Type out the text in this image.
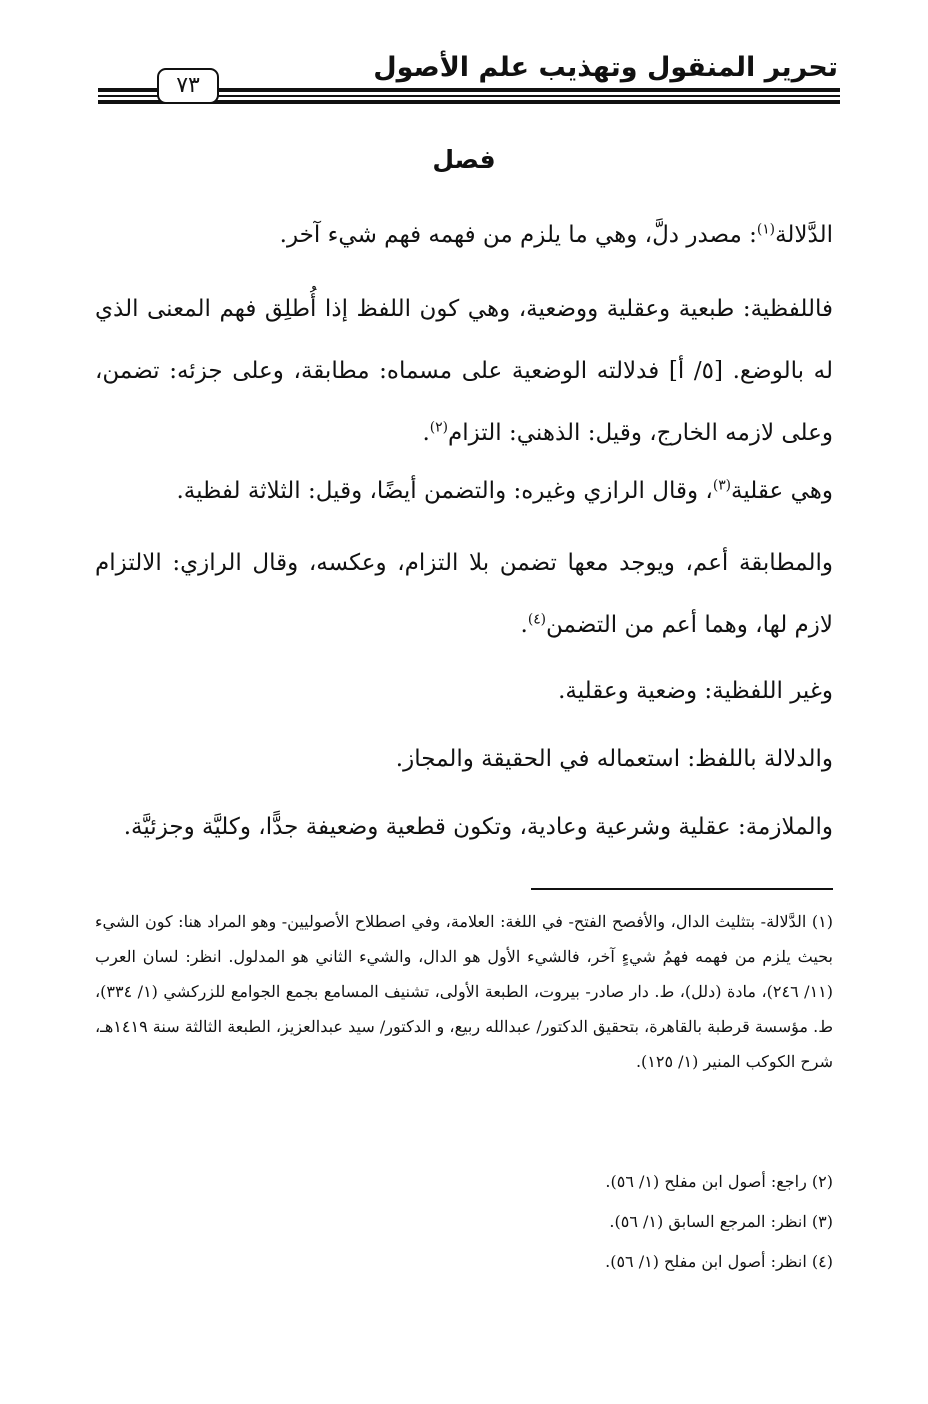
تحرير المنقول وتهذيب علم الأصول
٧٣
فصل

الدَّلالة$^{(١)}$: مصدر دلَّ، وهي ما يلزم من فهمه فهم شيء آخر.

فاللفظية: طبعية وعقلية ووضعية، وهي كون اللفظ إذا أُطلِق فهم المعنى الذي له بالوضع. [٥/ أ] فدلالته الوضعية على مسماه: مطابقة، وعلى جزئه: تضمن، وعلى لازمه الخارج، وقيل: الذهني: التزام$^{(٢)}$.

وهي عقلية$^{(٣)}$، وقال الرازي وغيره: والتضمن أيضًا، وقيل: الثلاثة لفظية.

والمطابقة أعم، ويوجد معها تضمن بلا التزام، وعكسه، وقال الرازي: الالتزام لازم لها، وهما أعم من التضمن$^{(٤)}$.

وغير اللفظية: وضعية وعقلية.

والدلالة باللفظ: استعماله في الحقيقة والمجاز.

والملازمة: عقلية وشرعية وعادية، وتكون قطعية وضعيفة جدًّا، وكليَّة وجزئيَّة.

(١) الدَّلالة- بتثليث الدال، والأفصح الفتح- في اللغة: العلامة، وفي اصطلاح الأصوليين- وهو المراد هنا: كون الشيء بحيث يلزم من فهمه فهمُ شيءٍ آخر، فالشيء الأول هو الدال، والشيء الثاني هو المدلول. انظر: لسان العرب (١١/ ٢٤٦)، مادة (دلل)، ط. دار صادر- بيروت، الطبعة الأولى، تشنيف المسامع بجمع الجوامع للزركشي (١/ ٣٣٤)، ط. مؤسسة قرطبة بالقاهرة، بتحقيق الدكتور/ عبدالله ربيع، و الدكتور/ سيد عبدالعزيز، الطبعة الثالثة سنة ١٤١٩هـ، شرح الكوكب المنير (١/ ١٢٥).

(٢) راجع: أصول ابن مفلح (١/ ٥٦).

(٣) انظر: المرجع السابق (١/ ٥٦).

(٤) انظر: أصول ابن مفلح (١/ ٥٦).
